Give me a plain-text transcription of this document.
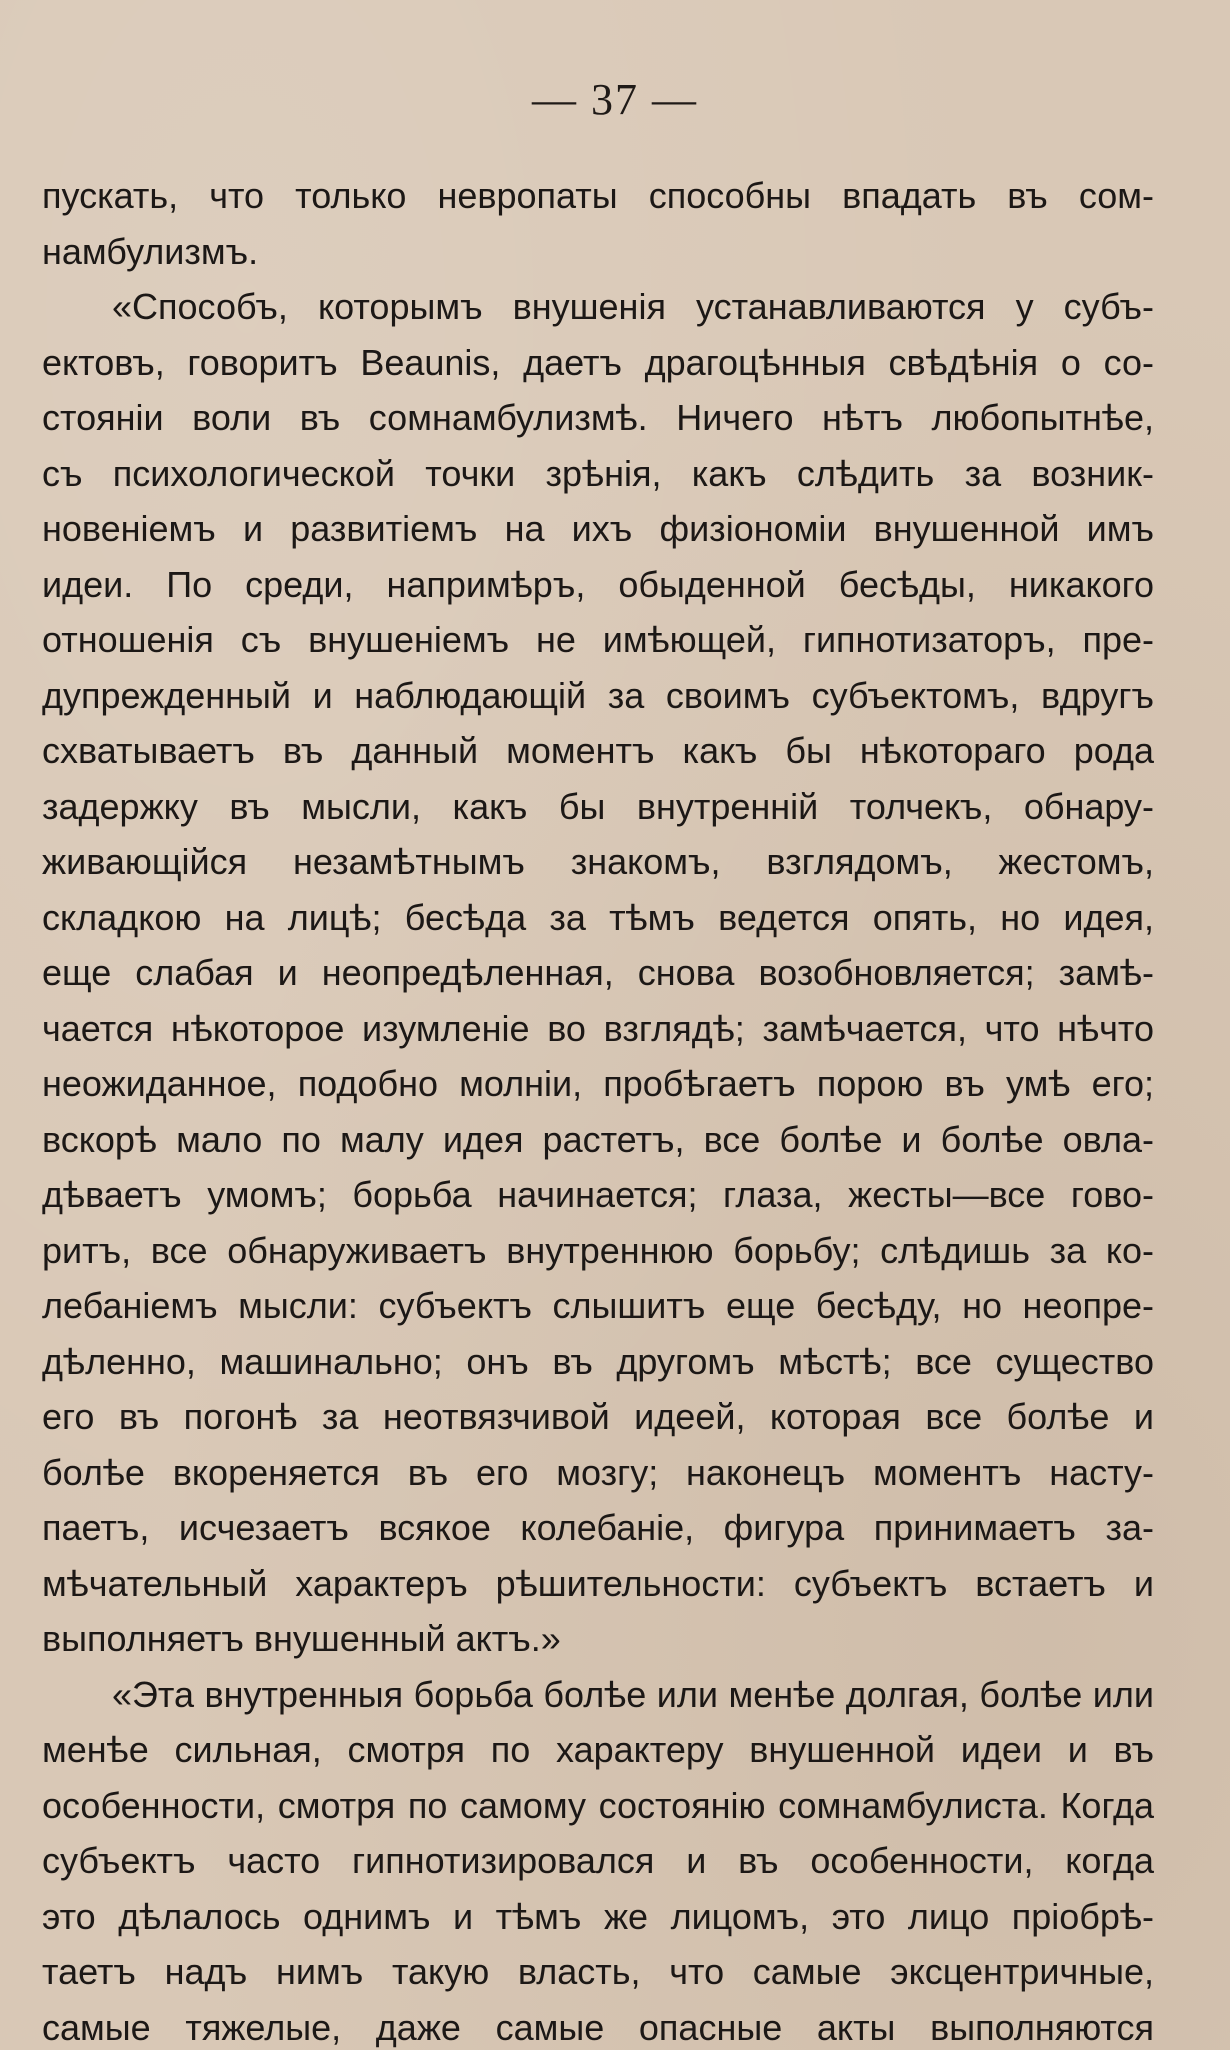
— 37 —
пускать, что только невропаты способны впадать въ сом-
намбулизмъ.
«Способъ, которымъ внушенія устанавливаются у субъ-
ектовъ, говоритъ Beaunis, даетъ драгоцѣнныя свѣдѣнія о со-
стояніи воли въ сомнамбулизмѣ. Ничего нѣтъ любопытнѣе,
съ психологической точки зрѣнія, какъ слѣдить за возник-
новеніемъ и развитіемъ на ихъ физіономіи внушенной имъ
идеи. По среди, напримѣръ, обыденной бесѣды, никакого
отношенія съ внушеніемъ не имѣющей, гипнотизаторъ, пре-
дупрежденный и наблюдающій за своимъ субъектомъ, вдругъ
схватываетъ въ данный моментъ какъ бы нѣкотораго рода
задержку въ мысли, какъ бы внутренній толчекъ, обнару-
живающійся незамѣтнымъ знакомъ, взглядомъ, жестомъ,
складкою на лицѣ; бесѣда за тѣмъ ведется опять, но идея,
еще слабая и неопредѣленная, снова возобновляется; замѣ-
чается нѣкоторое изумленіе во взглядѣ; замѣчается, что нѣчто
неожиданное, подобно молніи, пробѣгаетъ порою въ умѣ его;
вскорѣ мало по малу идея растетъ, все болѣе и болѣе овла-
дѣваетъ умомъ; борьба начинается; глаза, жесты—все гово-
ритъ, все обнаруживаетъ внутреннюю борьбу; слѣдишь за ко-
лебаніемъ мысли: субъектъ слышитъ еще бесѣду, но неопре-
дѣленно, машинально; онъ въ другомъ мѣстѣ; все существо
его въ погонѣ за неотвязчивой идеей, которая все болѣе и
болѣе вкореняется въ его мозгу; наконецъ моментъ насту-
паетъ, исчезаетъ всякое колебаніе, фигура принимаетъ за-
мѣчательный характеръ рѣшительности: субъектъ встаетъ и
выполняетъ внушенный актъ.»
«Эта внутренныя борьба болѣе или менѣе долгая, болѣе или
менѣе сильная, смотря по характеру внушенной идеи и въ
особенности, смотря по самому состоянію сомнамбулиста. Когда
субъектъ часто гипнотизировался и въ особенности, когда
это дѣлалось однимъ и тѣмъ же лицомъ, это лицо пріобрѣ-
таетъ надъ нимъ такую власть, что самые эксцентричные,
самые тяжелые, даже самые опасные акты выполняются
